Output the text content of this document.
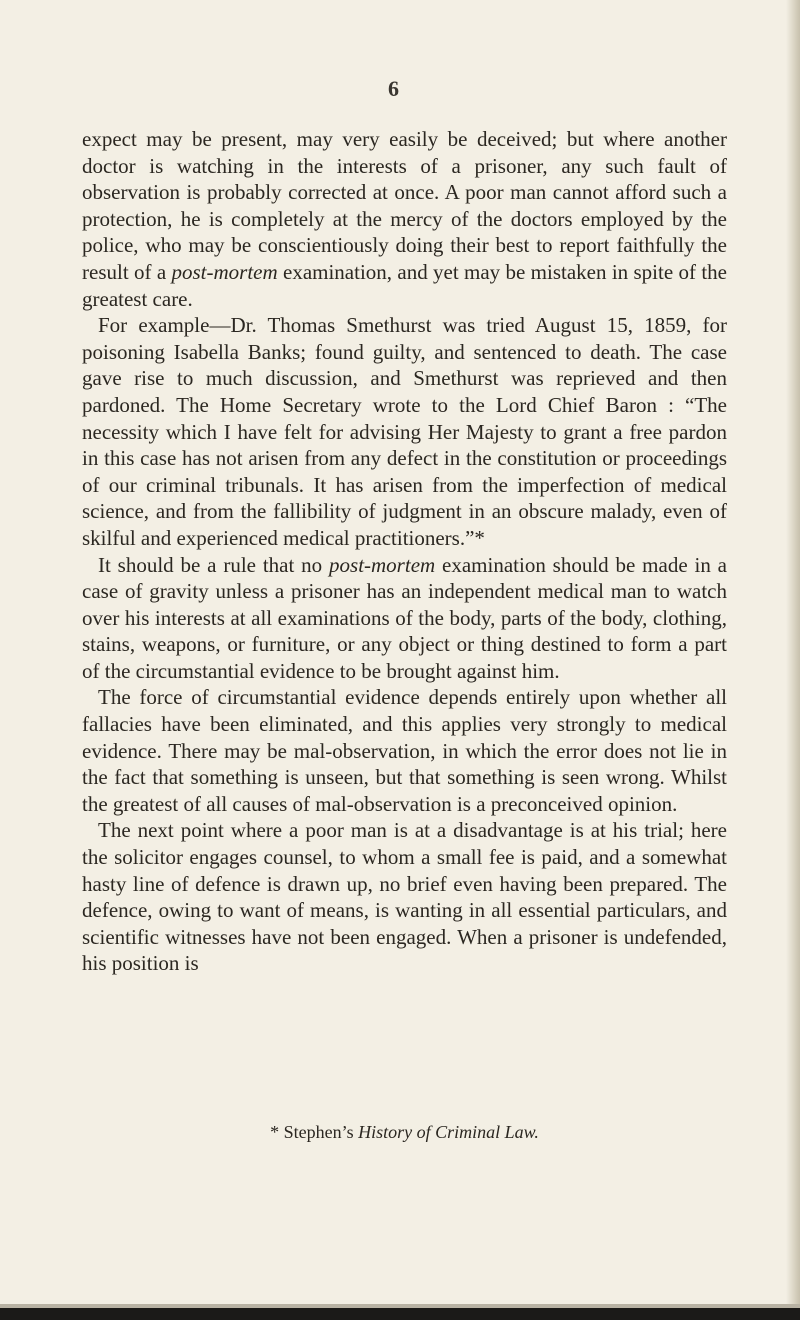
6

expect may be present, may very easily be deceived; but where another doctor is watching in the interests of a prisoner, any such fault of observation is probably corrected at once. A poor man cannot afford such a protection, he is completely at the mercy of the doctors employed by the police, who may be conscientiously doing their best to report faithfully the result of a post-mortem examination, and yet may be mistaken in spite of the greatest care.

For example—Dr. Thomas Smethurst was tried August 15, 1859, for poisoning Isabella Banks; found guilty, and sentenced to death. The case gave rise to much discussion, and Smethurst was reprieved and then pardoned. The Home Secretary wrote to the Lord Chief Baron : “The necessity which I have felt for advising Her Majesty to grant a free pardon in this case has not arisen from any defect in the constitution or proceedings of our criminal tribunals. It has arisen from the imperfection of medical science, and from the fallibility of judgment in an obscure malady, even of skilful and experienced medical practitioners.”*

It should be a rule that no post-mortem examination should be made in a case of gravity unless a prisoner has an independent medical man to watch over his interests at all examinations of the body, parts of the body, clothing, stains, weapons, or furniture, or any object or thing destined to form a part of the circumstantial evidence to be brought against him.

The force of circumstantial evidence depends entirely upon whether all fallacies have been eliminated, and this applies very strongly to medical evidence. There may be mal-observation, in which the error does not lie in the fact that something is unseen, but that something is seen wrong. Whilst the greatest of all causes of mal-observation is a preconceived opinion.

The next point where a poor man is at a disadvantage is at his trial; here the solicitor engages counsel, to whom a small fee is paid, and a somewhat hasty line of defence is drawn up, no brief even having been prepared. The defence, owing to want of means, is wanting in all essential particulars, and scientific witnesses have not been engaged. When a prisoner is undefended, his position is

* Stephen’s History of Criminal Law.
